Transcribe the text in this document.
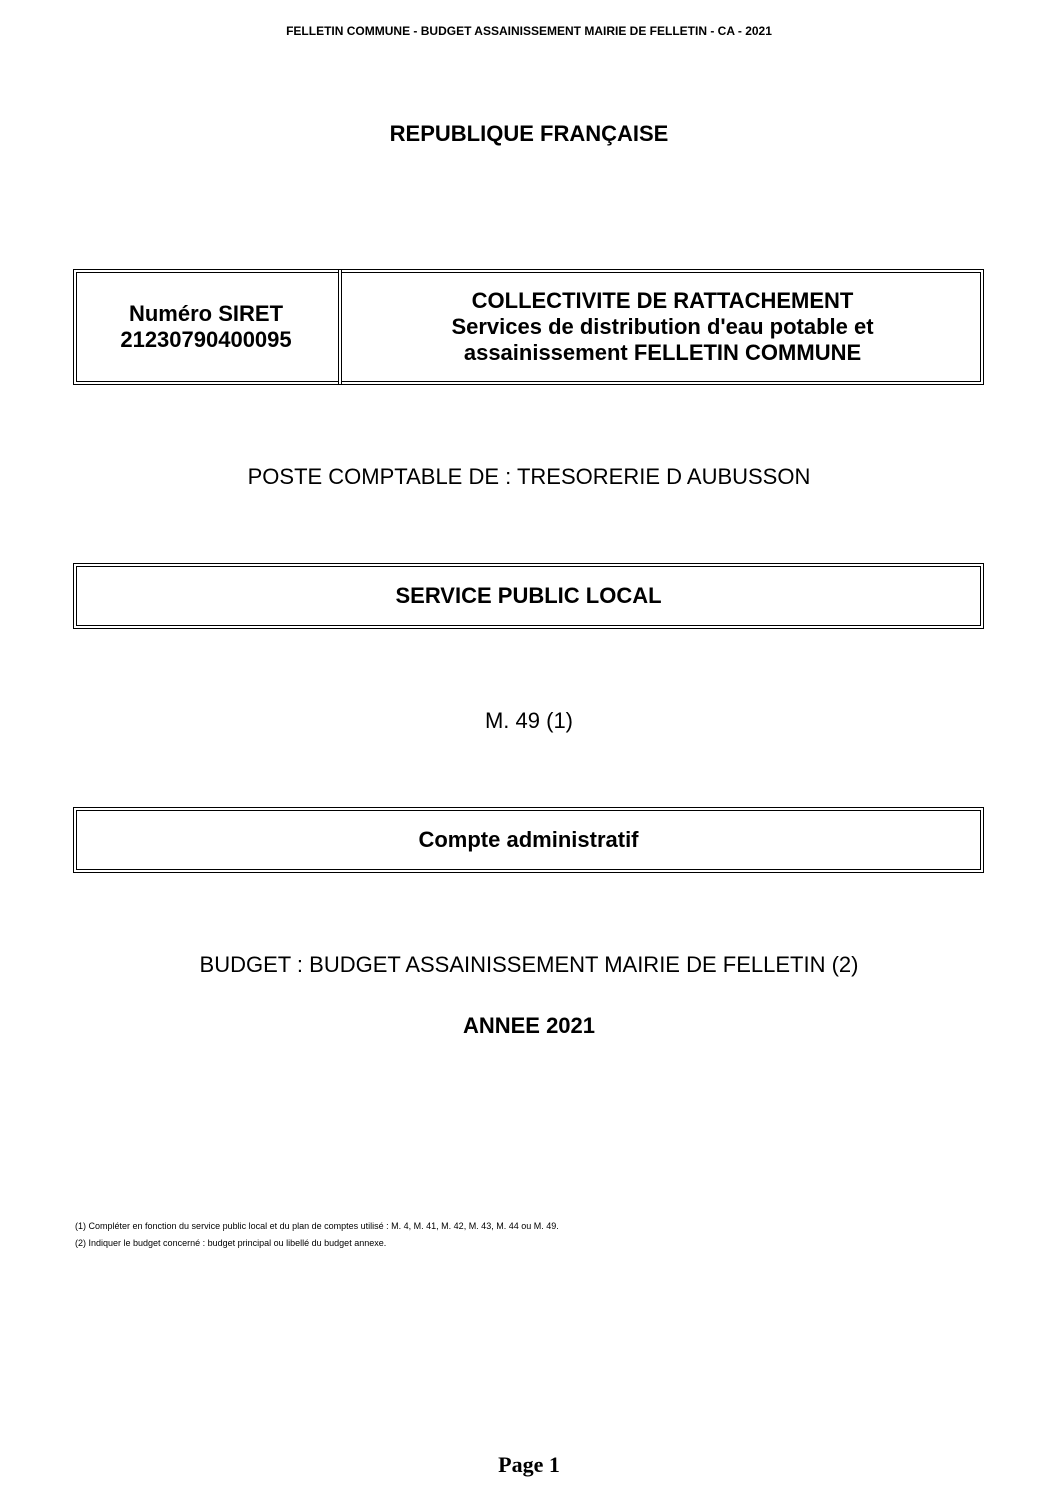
FELLETIN COMMUNE - BUDGET ASSAINISSEMENT MAIRIE DE FELLETIN - CA - 2021
REPUBLIQUE FRANÇAISE
Numéro SIRET
21230790400095
COLLECTIVITE DE RATTACHEMENT
Services de distribution d'eau potable et
assainissement FELLETIN COMMUNE
POSTE COMPTABLE DE : TRESORERIE D AUBUSSON
SERVICE PUBLIC LOCAL
M. 49 (1)
Compte administratif
BUDGET : BUDGET ASSAINISSEMENT MAIRIE DE FELLETIN (2)
ANNEE 2021
(1) Compléter en fonction du service public local et du plan de comptes utilisé : M. 4, M. 41, M. 42, M. 43, M. 44 ou M. 49.
(2) Indiquer le budget concerné : budget principal ou libellé du budget annexe.
Page 1
